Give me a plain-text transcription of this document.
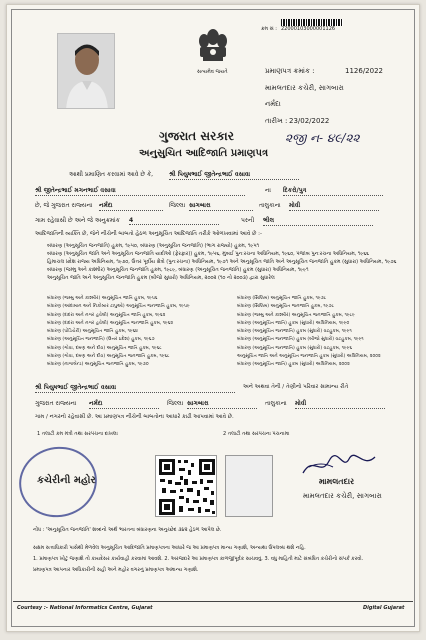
ક્રમ સં : 22000103000001126
સત્યમેવ જયતે	પ્રમાણપત્ર ક્રમાંક :	1126/2022
મામલતદાર કચેરી, સાગબારા
નર્મદા
તારીખ : 23/02/2022
૨જી ન- ૪૯/૨૨
ગુજરાત સરકાર
અનુસુચિત આદિજાતિ પ્રમાણપત્ર
આથી પ્રમાણિત કરવામાં આવે છે કે,	શ્રી પિયુષભાઈ જીતેન્દ્રભાઈ વસાવા
શ્રી જીતેન્દ્રભાઈ મગનભાઈ વસાવા	ના દિકરો/પુત્ર
છે, જે ગુજરાત રાજ્યના નર્મદા	જિલ્લા સાગબારા	તાલુકાના મોવી
ગામ રહેવાસી છે અને જે અનુક્રમાંક 4	પરની ભીલ
આદિજાતિની વ્યક્તિ છે, જેને નીચેની બાબતો હેઠળ અનુસૂચિત આદિજાતિ તરીકે ઓળખવામાં આવે છે :-
બંધારણ (અનુસૂચિત જનજાતિ) હુકમ, ૧૯૫૦, બંધારણ (અનુસૂચિત જનજાતિ) (ભાગ રાજ્યો) હુકમ, ૧૯૫૧
બંધારણ (અનુસૂચિત જાતિ અને અનુસૂચિત જનજાતિ યાદીઓ (ફેરફાર)) હુકમ, ૧૯૫૬, મુંબઈ પુનઃરચના અધિનિયમ, ૧૯૬૦, પંજાબ પુનઃરચના અધિનિયમ, ૧૯૬૬
હિમાચલ પ્રદેશ રાજ્ય અધિનિયમ, ૧૯૭૦, ઉત્તર પૂર્વીય ક્ષેત્રો (પુનઃરચના) અધિનિયમ, ૧૯૭૧ અને અનુસૂચિત જાતિ અને અનુસૂચિત જનજાતિ હુકમ (સુધારા) અધિનિયમ, ૧૯૭૬
બંધારણ (જમ્મુ અને કાશ્મીર) અનુસૂચિત જનજાતિ હુકમ, ૧૯૮૯, બંધારણ (અનુસૂચિત જનજાતિ) હુકમ (સુધારા) અધિનિયમ, ૧૯૯૧
અનુસૂચિત જાતિ અને અનુસૂચિત જનજાતિ હુકમ (બીજો સુધારો) અધિનિયમ, ૨૦૦૨ (૧૦ નો ૨૦૦૩) દ્વારા સુધારેલ
બંધારણ (જમ્મુ અને કાશ્મીર) અનુસૂચિત જાતિ હુકમ, ૧૯૫૬
બંધારણ (આંદામાન અને નિકોબાર ટાપુઓ) અનુસૂચિત જનજાતિ હુકમ, ૧૯૫૯
બંધારણ (દાદરા અને નગર હવેલી) અનુસૂચિત જાતિ હુકમ, ૧૯૬૨
બંધારણ (દાદરા અને નગર હવેલી) અનુસૂચિત જનજાતિ હુકમ, ૧૯૬૨
બંધારણ (પોંડિચેરી) અનુસૂચિત જાતિ હુકમ, ૧૯૬૪
બંધારણ (અનુસૂચિત જનજાતિ) (ઉત્તર પ્રદેશ) હુકમ, ૧૯૬૭
બંધારણ (ગોવા, દમણ અને દીવ) અનુસૂચિત જાતિ હુકમ, ૧૯૬૮
બંધારણ (ગોવા, દમણ અને દીવ) અનુસૂચિત જનજાતિ હુકમ, ૧૯૬૮
બંધારણ (નાગાલેન્ડ) અનુસૂચિત જનજાતિ હુકમ, ૧૯૭૦
બંધારણ (સિક્કિમ) અનુસૂચિત જાતિ હુકમ, ૧૯૭૮
બંધારણ (સિક્કિમ) અનુસૂચિત જનજાતિ હુકમ, ૧૯૭૮
બંધારણ (જમ્મુ અને કાશ્મીર) અનુસૂચિત જનજાતિ હુકમ, ૧૯૮૯
બંધારણ (અનુસૂચિત જાતિ) હુકમ (સુધારો) અધિનિયમ, ૧૯૯૦
બંધારણ (અનુસૂચિત જનજાતિ) હુકમ (સુધારો) વટહુકમ, ૧૯૯૧
બંધારણ (અનુસૂચિત જનજાતિ) હુકમ (બીજો સુધારો) વટહુકમ, ૧૯૯૧
બંધારણ (અનુસૂચિત જનજાતિ) હુકમ (સુધારો) વટહુકમ, ૧૯૯૬
અનુસૂચિત જાતિ અને અનુસૂચિત જનજાતિ હુકમ (સુધારો) અધિનિયમ, ૨૦૦૨
બંધારણ (અનુસૂચિત જાતિ) હુકમ (સુધારો) અધિનિયમ, ૨૦૦૨
શ્રી પિયુષભાઈ જીતેન્દ્રભાઈ વસાવા	અને અથવા તેની / તેણીનો પરિવાર સામાન્ય રીતે
ગુજરાત રાજ્યના નર્મદા	જિલ્લા સાગબારા	તાલુકાના મોવી
ગામ / નગરનો રહેવાસી છે. આ પ્રમાણપત્ર નીચેની બાબતોના આધારે કાઢી આપવામાં આવે છે.
1 તલાટી કમ મંત્રી તથા સરપંચના દાખલા	2 તલાટી તથા સરપંચના પંચનામા
કચેરીની મહોર	મામલતદાર
મામલતદાર કચેરી, સાગબારા
નોંધ : 'અનુસૂચિત જનજાતિ' શબ્દનો અર્થ ભારતના બંધારણના અનુચ્છેદ ૩૪૨ હેઠળ આપેલ છે.
સક્ષમ સત્તાધિકારી પાસેથી મેળવેલ અનુસૂચિત આદિજાતિ પ્રમાણપત્રના આધારે જ આ પ્રમાણપત્ર માન્ય ગણાશે, અન્યથા ઉપલબ્ધ થશે નહિ.
1. પ્રમાણપત્ર ખોટું જણાશે તો કાયદેસર કાર્યવાહી કરવામાં આવશે. 2. અરજદારે આ પ્રમાણપત્ર કાળજીપૂર્વક સાચવવું. 3. વધુ માહિતી માટે સંબંધિત કચેરીનો સંપર્ક કરવો.
પ્રમાણપત્ર આપનાર અધિકારીની સહી અને મહોર વગરનું પ્રમાણપત્ર અમાન્ય ગણાશે.
Courtesy :- National Informatics Centre, Gujarat	Digital Gujarat
